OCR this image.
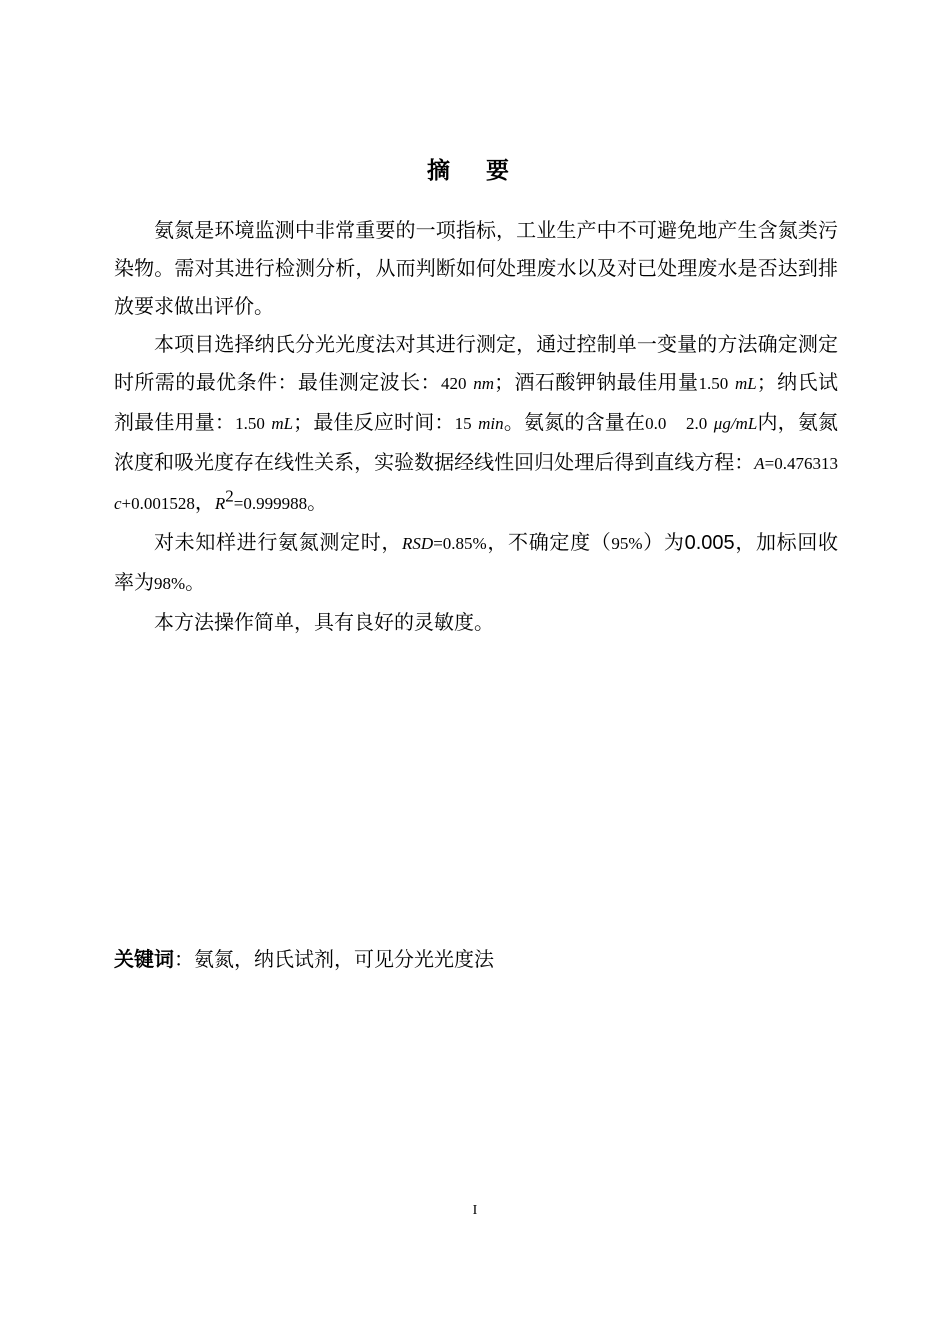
摘 要

氨氮是环境监测中非常重要的一项指标，工业生产中不可避免地产生含氮类污染物。需对其进行检测分析，从而判断如何处理废水以及对已处理废水是否达到排放要求做出评价。

本项目选择纳氏分光光度法对其进行测定，通过控制单一变量的方法确定测定时所需的最优条件：最佳测定波长：420 nm；酒石酸钾钠最佳用量1.50 mL；纳氏试剂最佳用量：1.50 mL；最佳反应时间：15 min。氨氮的含量在0.0 2.0 μg/mL内，氨氮浓度和吸光度存在线性关系，实验数据经线性回归处理后得到直线方程：A=0.476313 c+0.001528，$R^2=0.999988$。

对未知样进行氨氮测定时，RSD=0.85%，不确定度（95%）为0.005，加标回收率为98%。

本方法操作简单，具有良好的灵敏度。

关键词：氨氮，纳氏试剂，可见分光光度法
I
